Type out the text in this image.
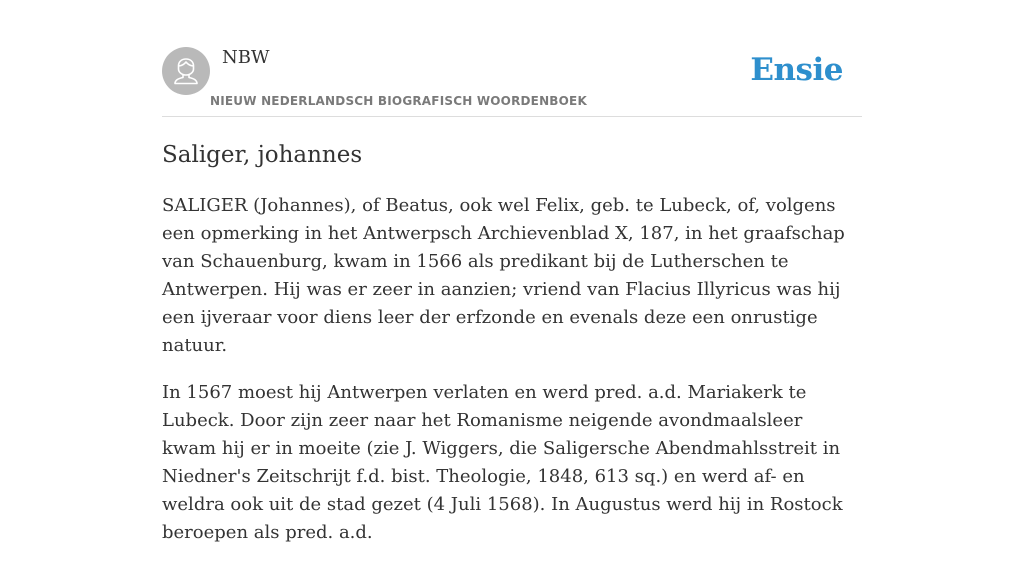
NBW
NIEUW NEDERLANDSCH BIOGRAFISCH WOORDENBOEK
Ensie
Saliger, johannes

SALIGER (Johannes), of Beatus, ook wel Felix, geb. te Lubeck, of, volgens een opmerking in het Antwerpsch Archievenblad X, 187, in het graafschap van Schauenburg, kwam in 1566 als predikant bij de Lutherschen te Antwerpen. Hij was er zeer in aanzien; vriend van Flacius Illyricus was hij een ijveraar voor diens leer der erfzonde en evenals deze een onrustige natuur.

In 1567 moest hij Antwerpen verlaten en werd pred. a.d. Mariakerk te Lubeck. Door zijn zeer naar het Romanisme neigende avondmaalsleer kwam hij er in moeite (zie J. Wiggers, die Saligersche Abendmahlsstreit in Niedner's Zeitschrijt f.d. bist. Theologie, 1848, 613 sq.) en werd af- en weldra ook uit de stad gezet (4 Juli 1568). In Augustus werd hij in Rostock beroepen als pred. a.d.
